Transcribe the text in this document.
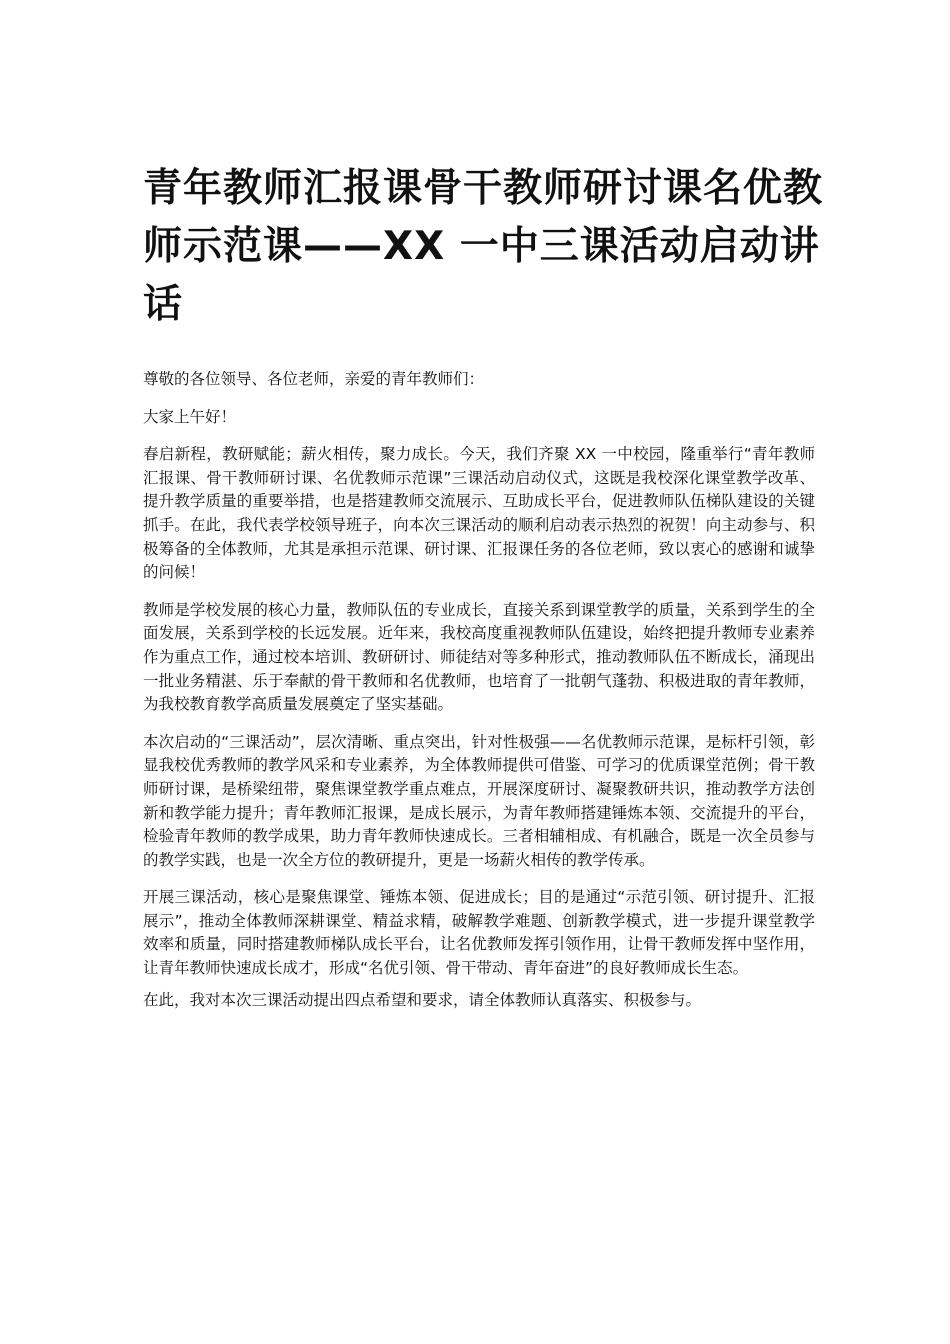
青年教师汇报课骨干教师研讨课名优教师示范课——XX 一中三课活动启动讲话

尊敬的各位领导、各位老师，亲爱的青年教师们：

大家上午好！

春启新程，教研赋能；薪火相传，聚力成长。今天，我们齐聚 XX 一中校园，隆重举行“青年教师汇报课、骨干教师研讨课、名优教师示范课”三课活动启动仪式，这既是我校深化课堂教学改革、提升教学质量的重要举措，也是搭建教师交流展示、互助成长平台，促进教师队伍梯队建设的关键抓手。在此，我代表学校领导班子，向本次三课活动的顺利启动表示热烈的祝贺！向主动参与、积极筹备的全体教师，尤其是承担示范课、研讨课、汇报课任务的各位老师，致以衷心的感谢和诚挚的问候！

教师是学校发展的核心力量，教师队伍的专业成长，直接关系到课堂教学的质量，关系到学生的全面发展，关系到学校的长远发展。近年来，我校高度重视教师队伍建设，始终把提升教师专业素养作为重点工作，通过校本培训、教研研讨、师徒结对等多种形式，推动教师队伍不断成长，涌现出一批业务精湛、乐于奉献的骨干教师和名优教师，也培育了一批朝气蓬勃、积极进取的青年教师，为我校教育教学高质量发展奠定了坚实基础。

本次启动的“三课活动”，层次清晰、重点突出，针对性极强——名优教师示范课，是标杆引领，彰显我校优秀教师的教学风采和专业素养，为全体教师提供可借鉴、可学习的优质课堂范例；骨干教师研讨课，是桥梁纽带，聚焦课堂教学重点难点，开展深度研讨、凝聚教研共识，推动教学方法创新和教学能力提升；青年教师汇报课，是成长展示，为青年教师搭建锤炼本领、交流提升的平台，检验青年教师的教学成果，助力青年教师快速成长。三者相辅相成、有机融合，既是一次全员参与的教学实践，也是一次全方位的教研提升，更是一场薪火相传的教学传承。

开展三课活动，核心是聚焦课堂、锤炼本领、促进成长；目的是通过“示范引领、研讨提升、汇报展示”，推动全体教师深耕课堂、精益求精，破解教学难题、创新教学模式，进一步提升课堂教学效率和质量，同时搭建教师梯队成长平台，让名优教师发挥引领作用，让骨干教师发挥中坚作用，让青年教师快速成长成才，形成“名优引领、骨干带动、青年奋进”的良好教师成长生态。

在此，我对本次三课活动提出四点希望和要求，请全体教师认真落实、积极参与。
